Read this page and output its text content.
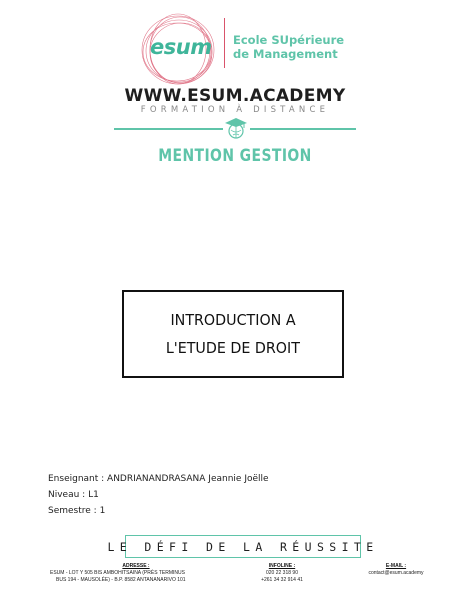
esum Ecole SUpérieure
de Management
WWW.ESUM.ACADEMY
FORMATION À DISTANCE
MENTION GESTION
INTRODUCTION A
L'ETUDE DE DROIT
Enseignant : ANDRIANANDRASANA Jeannie Joëlle
Niveau : L1
Semestre : 1
LE DÉFI DE LA RÉUSSITE
ADRESSE :
ESUM - LOT Y 505 BIS AMBOHITSAINA (PRÈS TERMINUS
BUS 194 - MAUSOLÉE) - B.P. 8582 ANTANANARIVO 101
INFOLINE :
020 22 318 90
+261 34 32 914 41
E-MAIL :
contact@esum.academy
